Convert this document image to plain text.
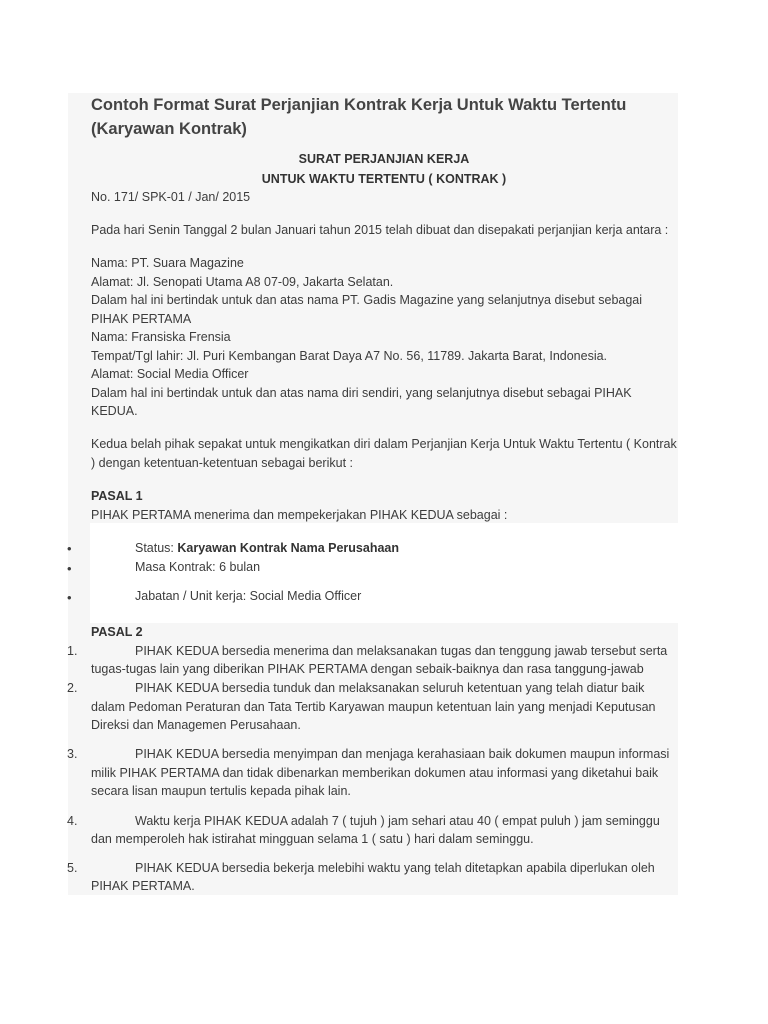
Contoh Format Surat Perjanjian Kontrak Kerja Untuk Waktu Tertentu
(Karyawan Kontrak)
SURAT PERJANJIAN KERJA
UNTUK WAKTU TERTENTU ( KONTRAK )
No. 171/ SPK-01 / Jan/ 2015
Pada hari Senin Tanggal 2 bulan Januari tahun 2015 telah dibuat dan disepakati perjanjian kerja antara :
Nama: PT. Suara Magazine
Alamat: Jl. Senopati Utama A8 07-09, Jakarta Selatan.
Dalam hal ini bertindak untuk dan atas nama PT. Gadis Magazine yang selanjutnya disebut sebagai
PIHAK PERTAMA
Nama: Fransiska Frensia
Tempat/Tgl lahir: Jl. Puri Kembangan Barat Daya A7 No. 56, 11789. Jakarta Barat, Indonesia.
Alamat: Social Media Officer
Dalam hal ini bertindak untuk dan atas nama diri sendiri, yang selanjutnya disebut sebagai PIHAK
KEDUA.
Kedua belah pihak sepakat untuk mengikatkan diri dalam Perjanjian Kerja Untuk Waktu Tertentu ( Kontrak
) dengan ketentuan-ketentuan sebagai berikut :
PASAL 1
PIHAK PERTAMA menerima dan mempekerjakan PIHAK KEDUA sebagai :
•	Status: Karyawan Kontrak Nama Perusahaan
•	Masa Kontrak: 6 bulan
•	Jabatan / Unit kerja: Social Media Officer
PASAL 2
1.	PIHAK KEDUA bersedia menerima dan melaksanakan tugas dan tenggung jawab tersebut serta
tugas-tugas lain yang diberikan PIHAK PERTAMA dengan sebaik-baiknya dan rasa tanggung-jawab
2.	PIHAK KEDUA bersedia tunduk dan melaksanakan seluruh ketentuan yang telah diatur baik
dalam Pedoman Peraturan dan Tata Tertib Karyawan maupun ketentuan lain yang menjadi Keputusan
Direksi dan Managemen Perusahaan.
3.	PIHAK KEDUA bersedia menyimpan dan menjaga kerahasiaan baik dokumen maupun informasi
milik PIHAK PERTAMA dan tidak dibenarkan memberikan dokumen atau informasi yang diketahui baik
secara lisan maupun tertulis kepada pihak lain.
4.	Waktu kerja PIHAK KEDUA adalah 7 ( tujuh ) jam sehari atau 40 ( empat puluh ) jam seminggu
dan memperoleh hak istirahat mingguan selama 1 ( satu ) hari dalam seminggu.
5.	PIHAK KEDUA bersedia bekerja melebihi waktu yang telah ditetapkan apabila diperlukan oleh
PIHAK PERTAMA.
